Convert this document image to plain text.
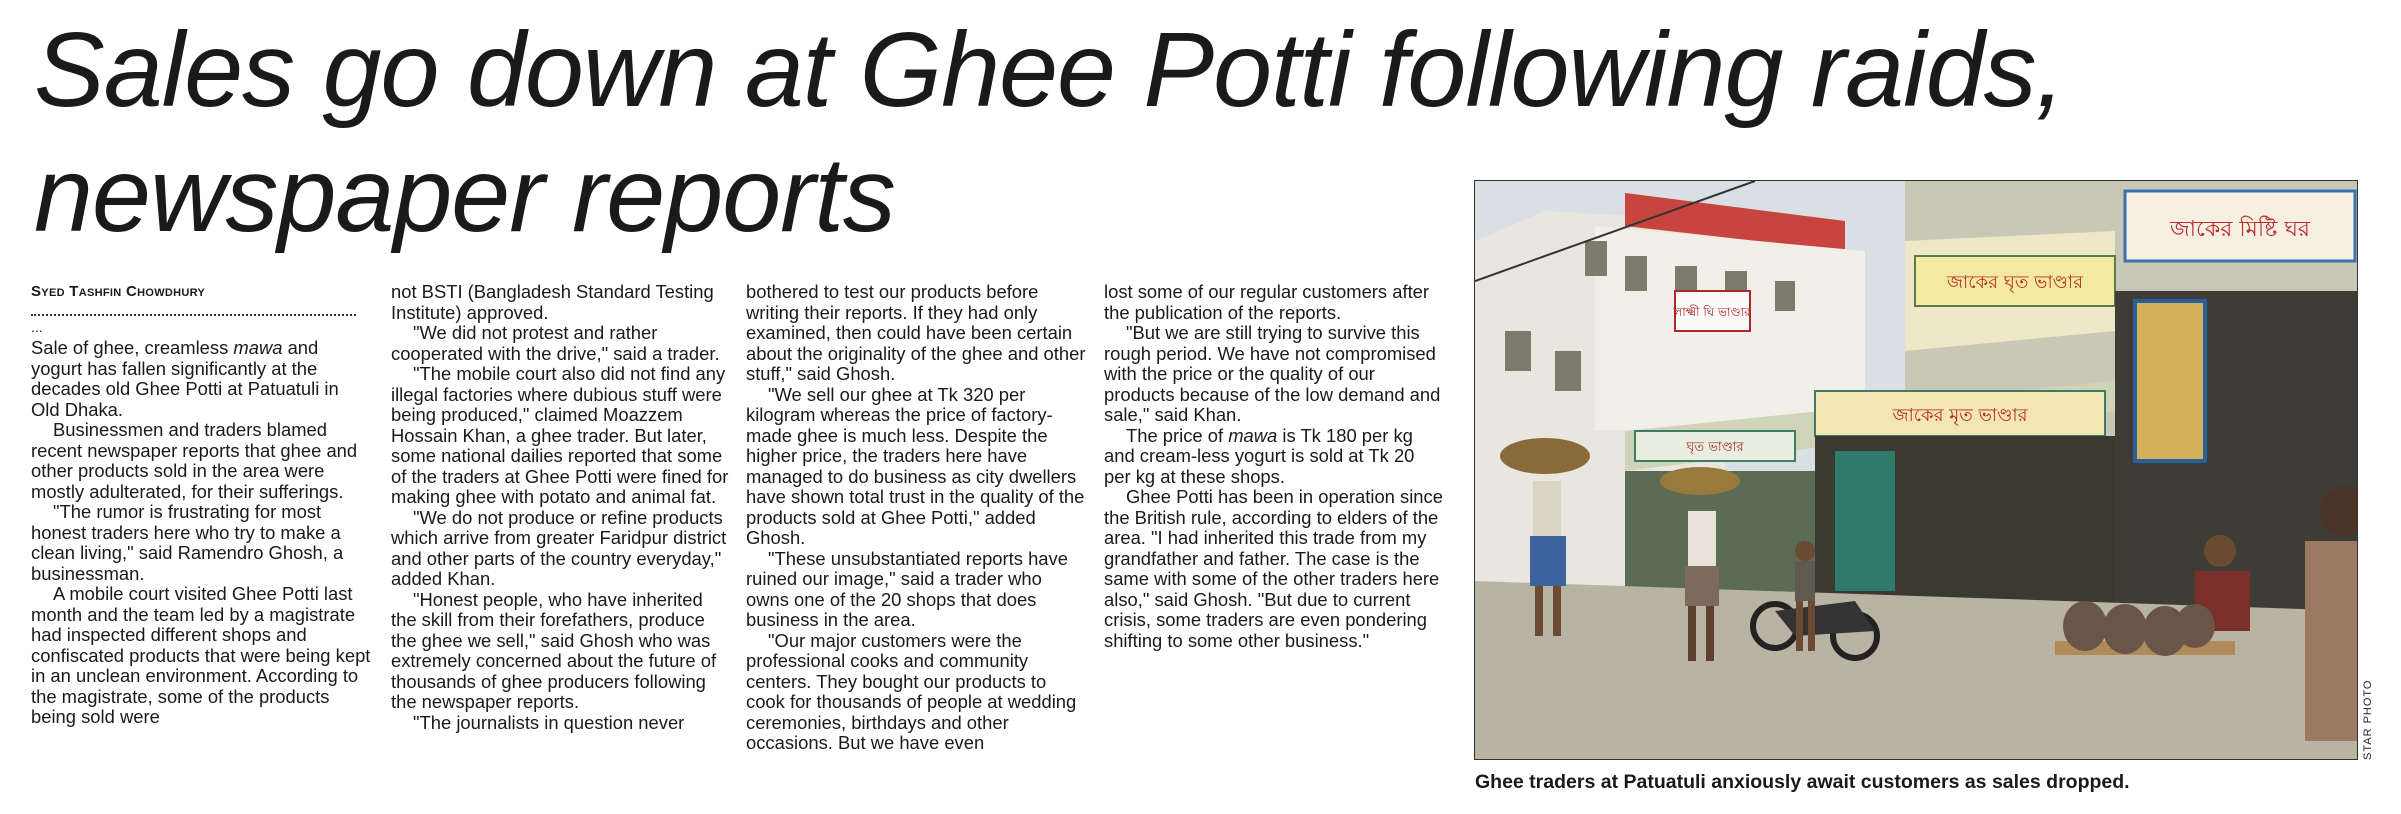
Sales go down at Ghee Potti following raids, newspaper reports
Syed Tashfin Chowdhury
...

Sale of ghee, creamless mawa and yogurt has fallen significantly at the decades old Ghee Potti at Patuatuli in Old Dhaka.

Businessmen and traders blamed recent newspaper reports that ghee and other products sold in the area were mostly adulterated, for their sufferings.

"The rumor is frustrating for most honest traders here who try to make a clean living," said Ramendro Ghosh, a businessman.

A mobile court visited Ghee Potti last month and the team led by a magistrate had inspected different shops and confiscated products that were being kept in an unclean environment. According to the magistrate, some of the products being sold were

not BSTI (Bangladesh Standard Testing Institute) approved.

"We did not protest and rather cooperated with the drive," said a trader.

"The mobile court also did not find any illegal factories where dubious stuff were being produced," claimed Moazzem Hossain Khan, a ghee trader. But later, some national dailies reported that some of the traders at Ghee Potti were fined for making ghee with potato and animal fat.

"We do not produce or refine products which arrive from greater Faridpur district and other parts of the country everyday," added Khan.

"Honest people, who have inherited the skill from their forefathers, produce the ghee we sell," said Ghosh who was extremely concerned about the future of thousands of ghee producers following the newspaper reports.

"The journalists in question never

bothered to test our products before writing their reports. If they had only examined, then could have been certain about the originality of the ghee and other stuff," said Ghosh.

"We sell our ghee at Tk 320 per kilogram whereas the price of factory-made ghee is much less. Despite the higher price, the traders here have managed to do business as city dwellers have shown total trust in the quality of the products sold at Ghee Potti," added Ghosh.

"These unsubstantiated reports have ruined our image," said a trader who owns one of the 20 shops that does business in the area.

"Our major customers were the professional cooks and community centers. They bought our products to cook for thousands of people at wedding ceremonies, birthdays and other occasions. But we have even

lost some of our regular customers after the publication of the reports.

"But we are still trying to survive this rough period. We have not compromised with the price or the quality of our products because of the low demand and sale," said Khan.

The price of mawa is Tk 180 per kg and cream-less yogurt is sold at Tk 20 per kg at these shops.

Ghee Potti has been in operation since the British rule, according to elders of the area. "I had inherited this trade from my grandfather and father. The case is the same with some of the other traders here also," said Ghosh. "But due to current crisis, some traders are even pondering shifting to some other business."

লাক্ষ্মী ঘি ভাণ্ডার
জাকের ঘৃত ভাণ্ডার
জাকের মিষ্টি ঘর
জাকের মৃত ভাণ্ডার
ঘৃত ভাণ্ডার
STAR PHOTO
Ghee traders at Patuatuli anxiously await customers as sales dropped.
